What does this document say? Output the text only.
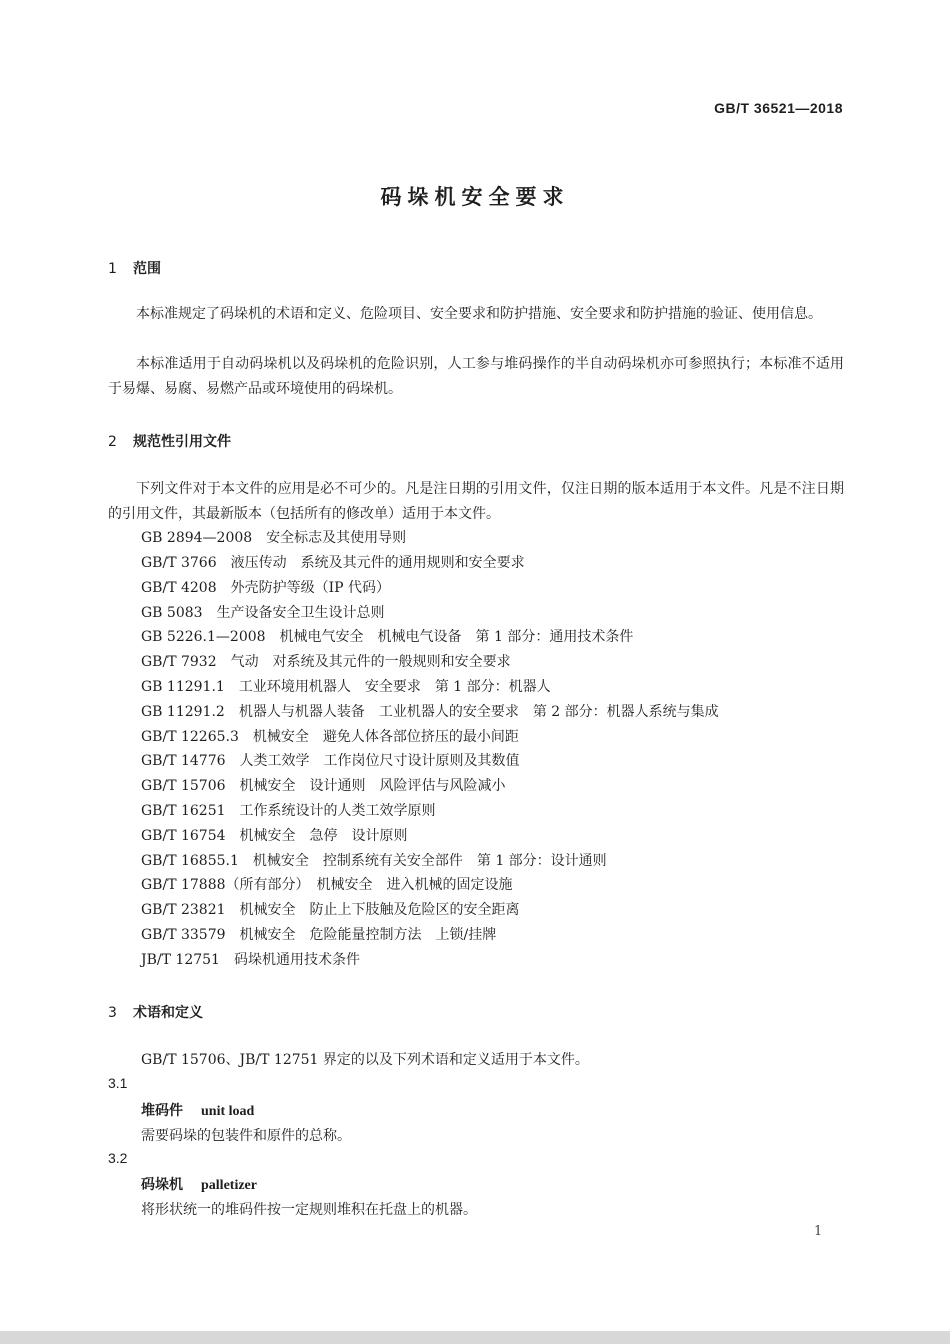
GB/T 36521—2018
码垛机安全要求
1 范围
本标准规定了码垛机的术语和定义、危险项目、安全要求和防护措施、安全要求和防护措施的验证、使用信息。
本标准适用于自动码垛机以及码垛机的危险识别，人工参与堆码操作的半自动码垛机亦可参照执行；本标准不适用于易爆、易腐、易燃产品或环境使用的码垛机。
2 规范性引用文件
下列文件对于本文件的应用是必不可少的。凡是注日期的引用文件，仅注日期的版本适用于本文件。凡是不注日期的引用文件，其最新版本（包括所有的修改单）适用于本文件。
GB 2894—2008　安全标志及其使用导则
GB/T 3766　液压传动　系统及其元件的通用规则和安全要求
GB/T 4208　外壳防护等级（IP 代码）
GB 5083　生产设备安全卫生设计总则
GB 5226.1—2008　机械电气安全　机械电气设备　第 1 部分：通用技术条件
GB/T 7932　气动　对系统及其元件的一般规则和安全要求
GB 11291.1　工业环境用机器人　安全要求　第 1 部分：机器人
GB 11291.2　机器人与机器人装备　工业机器人的安全要求　第 2 部分：机器人系统与集成
GB/T 12265.3　机械安全　避免人体各部位挤压的最小间距
GB/T 14776　人类工效学　工作岗位尺寸设计原则及其数值
GB/T 15706　机械安全　设计通则　风险评估与风险减小
GB/T 16251　工作系统设计的人类工效学原则
GB/T 16754　机械安全　急停　设计原则
GB/T 16855.1　机械安全　控制系统有关安全部件　第 1 部分：设计通则
GB/T 17888（所有部分）　机械安全　进入机械的固定设施
GB/T 23821　机械安全　防止上下肢触及危险区的安全距离
GB/T 33579　机械安全　危险能量控制方法　上锁/挂牌
JB/T 12751　码垛机通用技术条件
3 术语和定义
GB/T 15706、JB/T 12751 界定的以及下列术语和定义适用于本文件。
3.1
堆码件 unit load
需要码垛的包装件和原件的总称。
3.2
码垛机 palletizer
将形状统一的堆码件按一定规则堆积在托盘上的机器。
1
